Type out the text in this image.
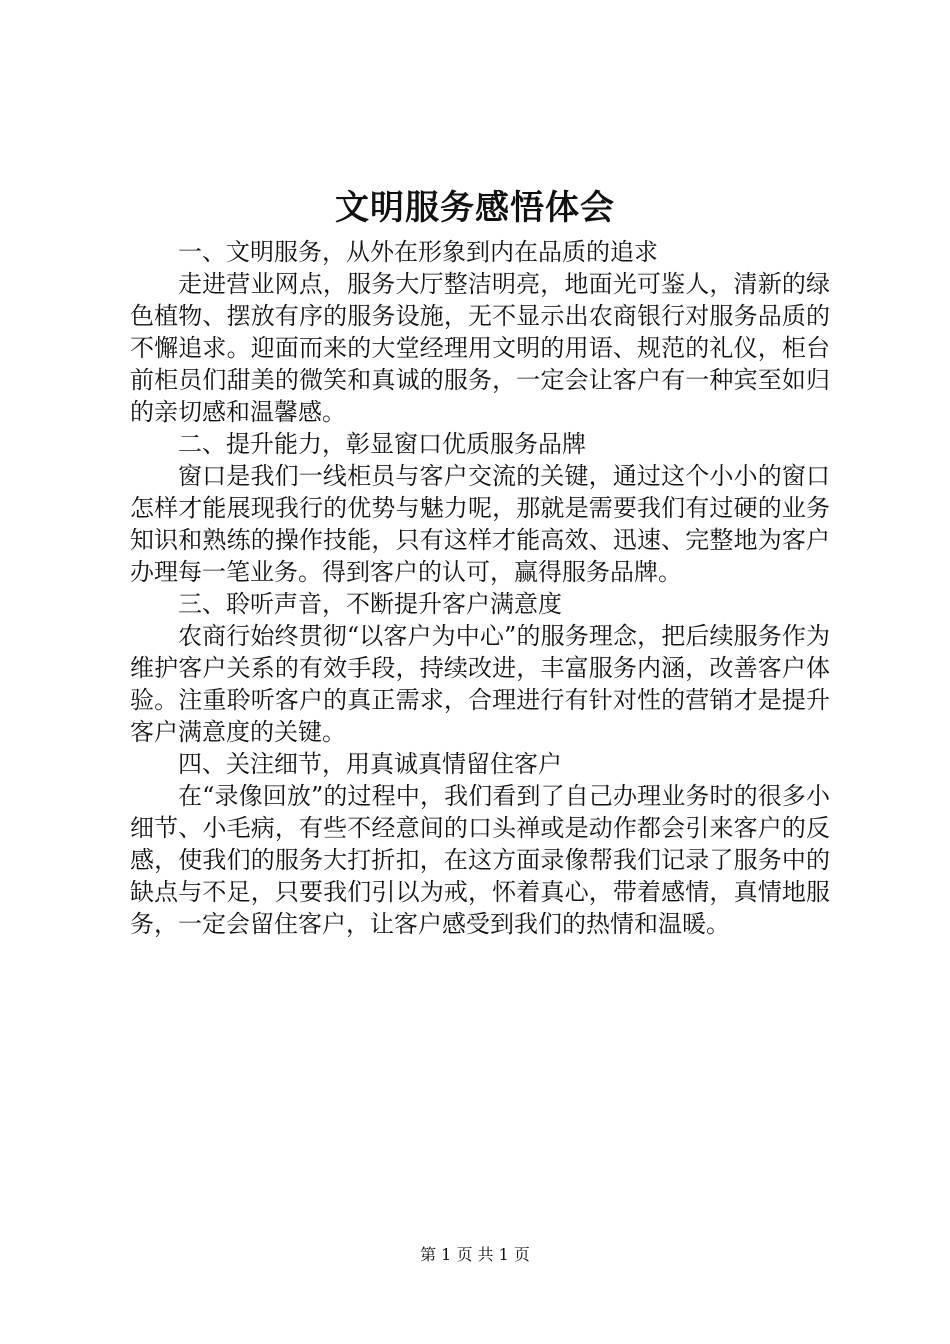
文明服务感悟体会

一、文明服务，从外在形象到内在品质的追求

走进营业网点，服务大厅整洁明亮，地面光可鉴人，清新的绿色植物、摆放有序的服务设施，无不显示出农商银行对服务品质的不懈追求。迎面而来的大堂经理用文明的用语、规范的礼仪，柜台前柜员们甜美的微笑和真诚的服务，一定会让客户有一种宾至如归的亲切感和温馨感。

二、提升能力，彰显窗口优质服务品牌

窗口是我们一线柜员与客户交流的关键，通过这个小小的窗口怎样才能展现我行的优势与魅力呢，那就是需要我们有过硬的业务知识和熟练的操作技能，只有这样才能高效、迅速、完整地为客户办理每一笔业务。得到客户的认可，赢得服务品牌。

三、聆听声音，不断提升客户满意度

农商行始终贯彻“以客户为中心”的服务理念，把后续服务作为维护客户关系的有效手段，持续改进，丰富服务内涵，改善客户体验。注重聆听客户的真正需求，合理进行有针对性的营销才是提升客户满意度的关键。

四、关注细节，用真诚真情留住客户

在“录像回放”的过程中，我们看到了自己办理业务时的很多小细节、小毛病，有些不经意间的口头禅或是动作都会引来客户的反感，使我们的服务大打折扣，在这方面录像帮我们记录了服务中的缺点与不足，只要我们引以为戒，怀着真心，带着感情，真情地服务，一定会留住客户，让客户感受到我们的热情和温暖。

第 1 页 共 1 页
